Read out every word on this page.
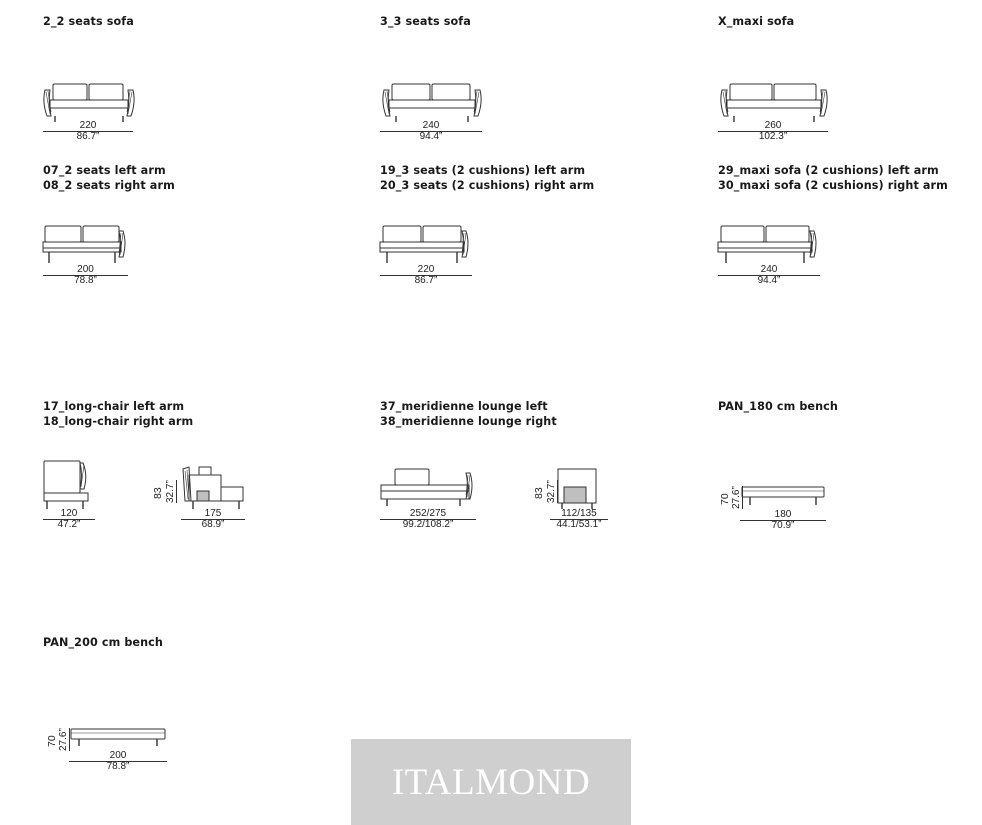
2_2 seats sofa
220
86.7”
3_3 seats sofa
240
94.4”
X_maxi sofa
260
102.3”
07_2 seats left arm
08_2 seats right arm
200
78.8”
19_3 seats (2 cushions) left arm
20_3 seats (2 cushions) right arm
220
86.7”
29_maxi sofa (2 cushions) left arm
30_maxi sofa (2 cushions) right arm
240
94.4”
17_long-chair left arm
18_long-chair right arm
120
47.2”
83 32.7”
175
68.9”
37_meridienne lounge left
38_meridienne lounge right
252/275
99.2/108.2”
83 32.7”
112/135
44.1/53.1”
PAN_180 cm bench
70 27.6”
180
70.9”
PAN_200 cm bench
70 27.6”
200
78.8”	ITALMOND
